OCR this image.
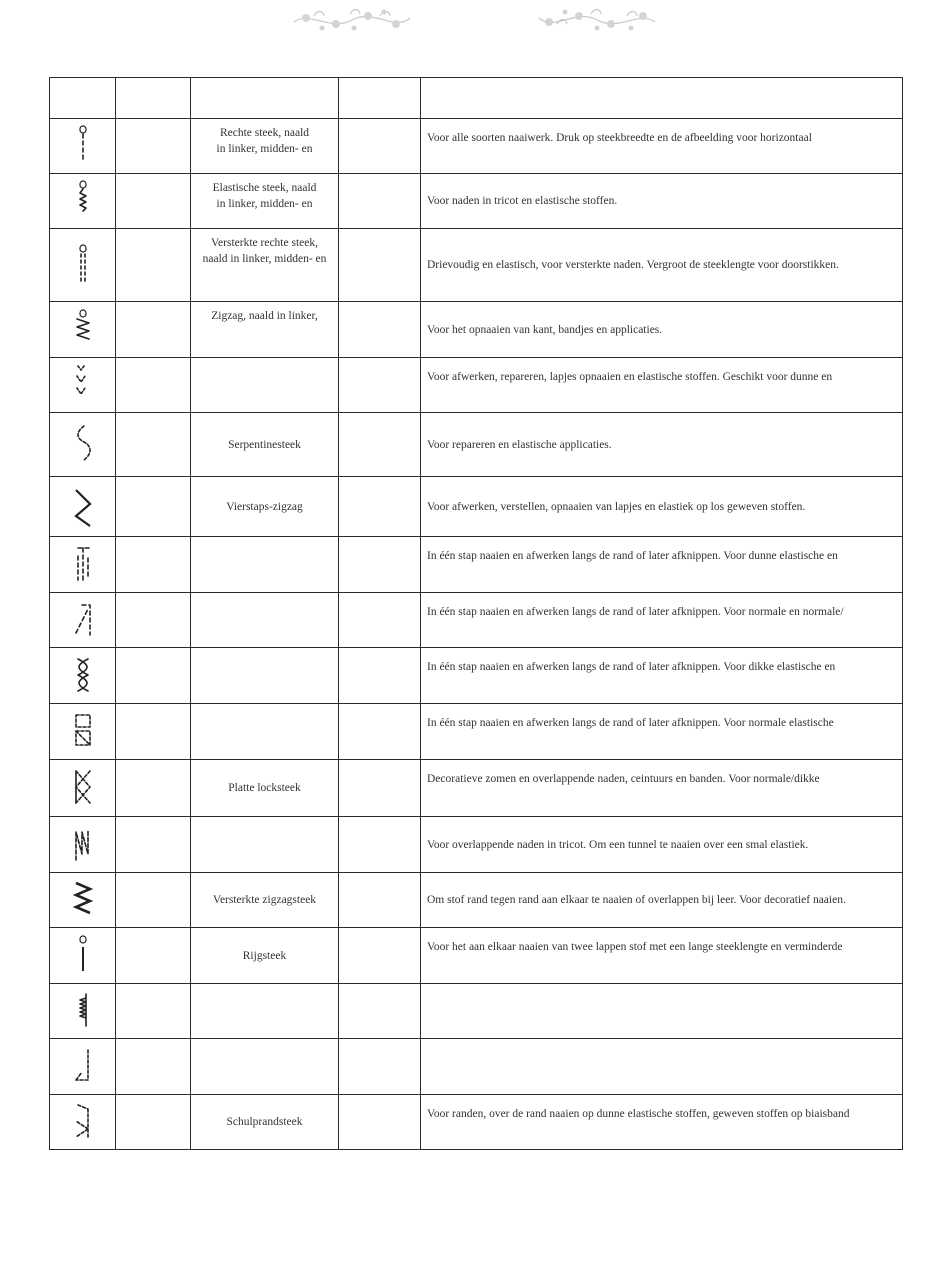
		Rechte steek, naald
in linker, midden- en		Voor alle soorten naaiwerk. Druk op steekbreedte en de afbeelding voor horizontaal

		Elastische steek, naald
in linker, midden- en		Voor naden in tricot en elastische stoffen.

		Versterkte rechte steek,
naald in linker, midden- en		Drievoudig en elastisch, voor versterkte naden. Vergroot de steeklengte voor doorstikken.

		Zigzag, naald in linker,		Voor het opnaaien van kant, bandjes en applicaties.

				Voor afwerken, repareren, lapjes opnaaien en elastische stoffen. Geschikt voor dunne en

		Serpentinesteek		Voor repareren en elastische applicaties.

		Vierstaps-zigzag		Voor afwerken, verstellen, opnaaien van lapjes en elastiek op los geweven stoffen.

				In één stap naaien en afwerken langs de rand of later afknippen. Voor dunne elastische en

				In één stap naaien en afwerken langs de rand of later afknippen. Voor normale en normale/

				In één stap naaien en afwerken langs de rand of later afknippen. Voor dikke elastische en

				In één stap naaien en afwerken langs de rand of later afknippen. Voor normale elastische

		Platte locksteek		Decoratieve zomen en overlappende naden, ceintuurs en banden. Voor normale/dikke

				Voor overlappende naden in tricot. Om een tunnel te naaien over een smal elastiek.

		Versterkte zigzagsteek		Om stof rand tegen rand aan elkaar te naaien of overlappen bij leer. Voor decoratief naaien.

		Rijgsteek		Voor het aan elkaar naaien van twee lappen stof met een lange steeklengte en verminderde

		Schulprandsteek		Voor randen, over de rand naaien op dunne elastische stoffen, geweven stoffen op biaisband
